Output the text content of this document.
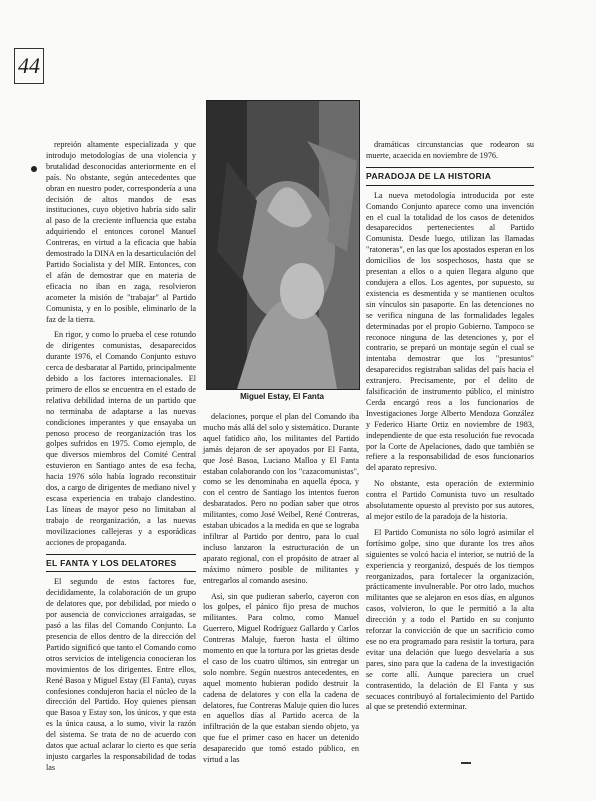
44

repreión altamente especializada y que introdujo metodologías de una violencia y brutalidad desconocidas anteriormente en el país. No obstante, según antecedentes que obran en nuestro poder, correspondería a una decisión de altos mandos de esas instituciones, cuyo objetivo habría sido salir al paso de la creciente influencia que estaba adquiriendo el entonces coronel Manuel Contreras, en virtud a la eficacia que había demostrado la DINA en la desarticulación del Partido Socialista y del MIR. Entonces, con el afán de demostrar que en materia de eficacia no iban en zaga, resolvieron acometer la misión de "trabajar" al Partido Comunista, y en lo posible, eliminarlo de la faz de la tierra.

En rigor, y como lo prueba el cese rotundo de dirigentes comunistas, desaparecidos durante 1976, el Comando Conjunto estuvo cerca de desbaratar al Partido, principalmente debido a los factores internacionales. El primero de ellos se encuentra en el estado de relativa debilidad interna de un partido que no terminaba de adaptarse a las nuevas condiciones imperantes y que ensayaba un penoso proceso de reorganización tras los golpes sufridos en 1975. Como ejemplo, de que diversos miembros del Comité Central estuvieron en Santiago antes de esa fecha, hacia 1976 sólo había logrado reconstituir dos, a cargo de dirigentes de mediano nivel y escasa experiencia en trabajo clandestino. Las líneas de mayor peso no limitaban al trabajo de reorganización, a las nuevas movilizaciones callejeras y a esporádicas acciones de propaganda.

EL FANTA Y LOS DELATORES

El segundo de estos factores fue, decididamente, la colaboración de un grupo de delatores que, por debilidad, por miedo o por ausencia de convicciones arraigadas, se pasó a las filas del Comando Conjunto. La presencia de ellos dentro de la dirección del Partido significó que tanto el Comando como otros servicios de inteligencia conocieran los movimientos de los dirigentes. Entre ellos, René Basoa y Miguel Estay (El Fanta), cuyas confesiones condujeron hacia el núcleo de la dirección del Partido. Hoy quienes piensan que Basoa y Estay son, los únicos, y que esta es la única causa, a lo sumo, vivir la razón del sistema. Se trata de no de acuerdo con datos que actual aclarar lo cierto es que sería injusto cargarles la responsabilidad de todas las

Miguel Estay, El Fanta

delaciones, porque el plan del Comando iba mucho más allá del solo y sistemático. Durante aquel fatídico año, los militantes del Partido jamás dejaron de ser apoyados por El Fanta, que José Basoa, Luciano Malloa y El Fanta estaban colaborando con los "cazacomunistas", como se les denominaba en aquella época, y con el centro de Santiago los intentos fueron desbaratados. Pero no podían saber que otros militantes, como José Weibel, René Contreras, estaban ubicados a la medida en que se lograba infiltrar al Partido por dentro, para lo cual incluso lanzaron la estructuración de un aparato regional, con el propósito de atraer al máximo número posible de militantes y entregarlos al comando asesino.

Así, sin que pudieran saberlo, cayeron con los golpes, el pánico fijo presa de muchos militantes. Para colmo, como Manuel Guerrero, Miguel Rodríguez Gallardo y Carlos Contreras Maluje, fueron hasta el último momento en que la tortura por las grietas desde el caso de los cuatro últimos, sin entregar un solo nombre. Según nuestros antecedentes, en aquel momento hubieran podido destruir la cadena de delatores y con ella la cadena de delatores, fue Contreras Maluje quien dio luces en aquellos días al Partido acerca de la infiltración de la que estaban siendo objeto, ya que fue el primer caso en hacer un detenido desaparecido que tomó estado público, en virtud a las

dramáticas circunstancias que rodearon su muerte, acaecida en noviembre de 1976.

PARADOJA DE LA HISTORIA

La nueva metodología introducida por este Comando Conjunto aparece como una invención en el cual la totalidad de los casos de detenidos desaparecidos pertenecientes al Partido Comunista. Desde luego, utilizan las llamadas "ratoneras", en las que los apostados esperan en los domicilios de los sospechosos, hasta que se presentan a ellos o a quien llegara alguno que condujera a ellos. Los agentes, por supuesto, su existencia es desmentida y se mantienen ocultos sin vínculos sin pasaporte. En las detenciones no se verifica ninguna de las formalidades legales determinadas por el propio Gobierno. Tampoco se reconoce ninguna de las detenciones y, por el contrario, se preparó un montaje según el cual se intentaba demostrar que los "presuntos" desaparecidos registraban salidas del país hacia el extranjero. Precisamente, por el delito de falsificación de instrumento público, el ministro Cerda encargó reos a los funcionarios de Investigaciones Jorge Alberto Mendoza González y Federico Hiarte Ortiz en noviembre de 1983, independiente de que esta resolución fue revocada por la Corte de Apelaciones, dado que también se refiere a la responsabilidad de esos funcionarios del aparato represivo.

No obstante, esta operación de exterminio contra el Partido Comunista tuvo un resultado absolutamente opuesto al previsto por sus autores, al mejor estilo de la paradoja de la historia.

El Partido Comunista no sólo logró asimilar el fortísimo golpe, sino que durante los tres años siguientes se volcó hacia el interior, se nutrió de la experiencia y reorganizó, después de los tiempos reorganizados, para fortalecer la organización, prácticamente invulnerable. Por otro lado, muchos militantes que se alejaron en esos días, en algunos casos, volvieron, lo que le permitió a la alta dirección y a todo el Partido en su conjunto reforzar la convicción de que un sacrificio como ese no era programado para resistir la tortura, para evitar una delación que luego desvelaría a sus pares, sino para que la cadena de la investigación se corte allí. Aunque pareciera un cruel contrasentido, la delación de El Fanta y sus secuaces contribuyó al fortalecimiento del Partido al que se pretendió exterminar.
